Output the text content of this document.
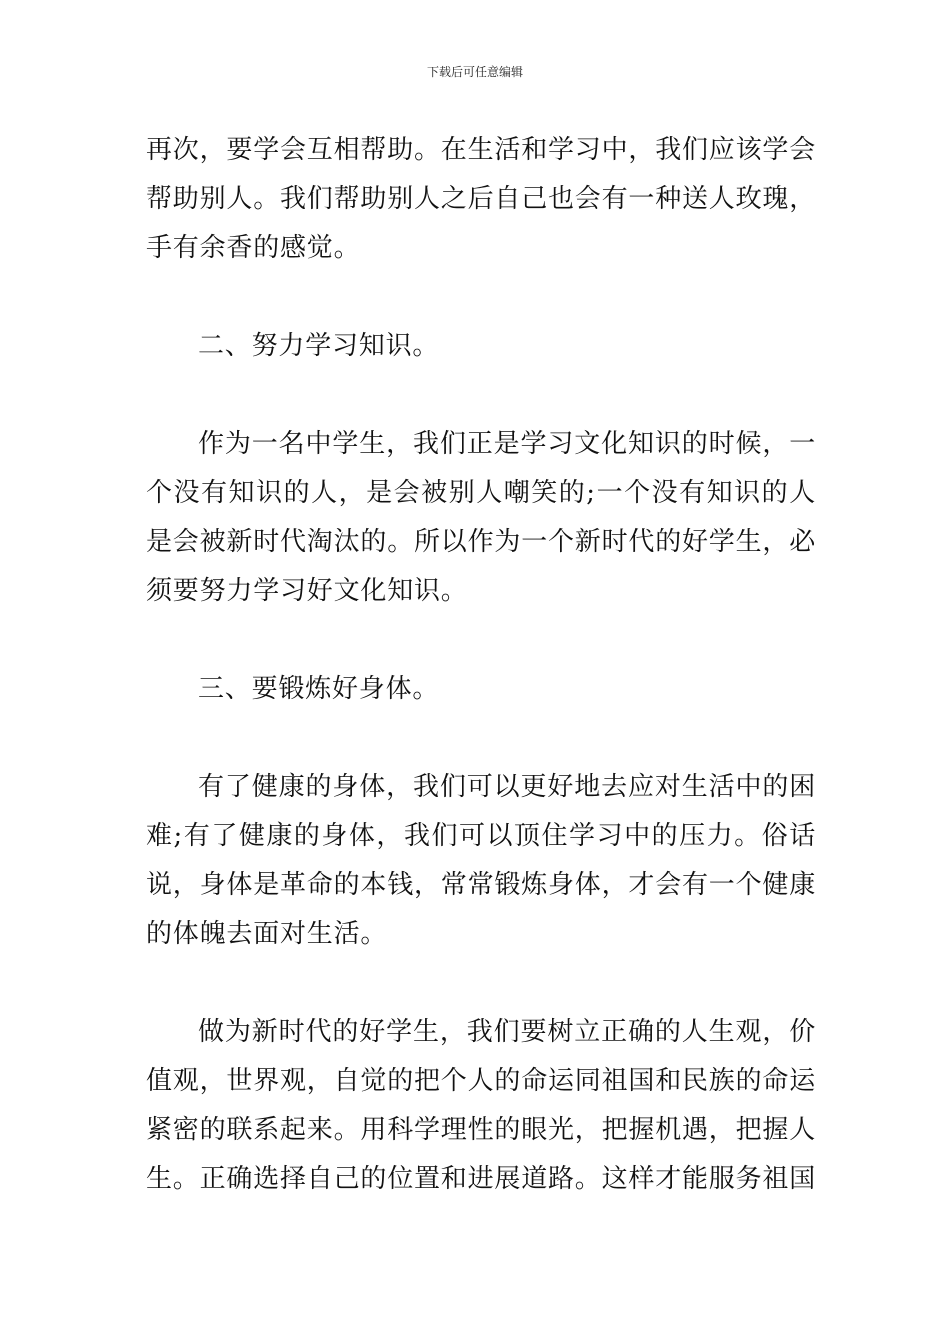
下载后可任意编辑

再次，要学会互相帮助。在生活和学习中，我们应该学会帮助别人。我们帮助别人之后自己也会有一种送人玫瑰，手有余香的感觉。

二、努力学习知识。

作为一名中学生，我们正是学习文化知识的时候，一个没有知识的人，是会被别人嘲笑的;一个没有知识的人是会被新时代淘汰的。所以作为一个新时代的好学生，必须要努力学习好文化知识。

三、要锻炼好身体。

有了健康的身体，我们可以更好地去应对生活中的困难;有了健康的身体，我们可以顶住学习中的压力。俗话说，身体是革命的本钱，常常锻炼身体，才会有一个健康的体魄去面对生活。

做为新时代的好学生，我们要树立正确的人生观，价值观，世界观，自觉的把个人的命运同祖国和民族的命运紧密的联系起来。用科学理性的眼光，把握机遇，把握人生。正确选择自己的位置和进展道路。这样才能服务祖国
